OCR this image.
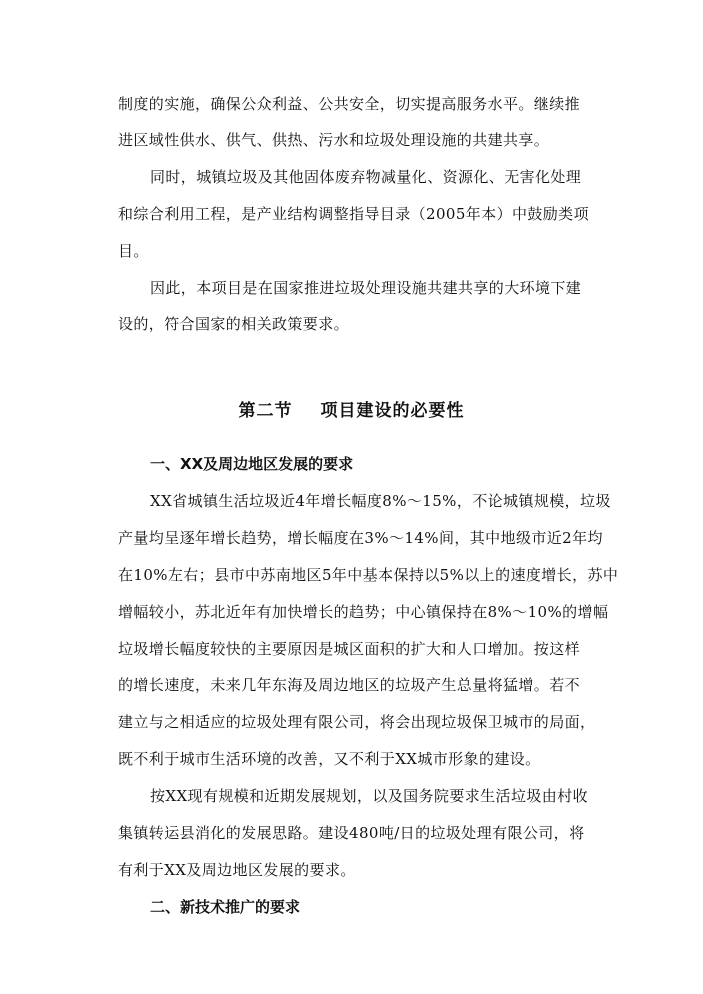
制度的实施，确保公众利益、公共安全，切实提高服务水平。继续推
进区域性供水、供气、供热、污水和垃圾处理设施的共建共享。
同时，城镇垃圾及其他固体废弃物减量化、资源化、无害化处理
和综合利用工程，是产业结构调整指导目录（2005年本）中鼓励类项
目。
因此，本项目是在国家推进垃圾处理设施共建共享的大环境下建
设的，符合国家的相关政策要求。
第二节 项目建设的必要性
一、XX及周边地区发展的要求
XX省城镇生活垃圾近4年增长幅度8%～15%，不论城镇规模，垃圾
产量均呈逐年增长趋势，增长幅度在3%～14%间，其中地级市近2年均
在10%左右；县市中苏南地区5年中基本保持以5%以上的速度增长，苏中
增幅较小，苏北近年有加快增长的趋势；中心镇保持在8%～10%的增幅
垃圾增长幅度较快的主要原因是城区面积的扩大和人口增加。按这样
的增长速度，未来几年东海及周边地区的垃圾产生总量将猛增。若不
建立与之相适应的垃圾处理有限公司，将会出现垃圾保卫城市的局面，
既不利于城市生活环境的改善，又不利于XX城市形象的建设。
按XX现有规模和近期发展规划，以及国务院要求生活垃圾由村收
集镇转运县消化的发展思路。建设480吨/日的垃圾处理有限公司，将
有利于XX及周边地区发展的要求。
二、新技术推广的要求
